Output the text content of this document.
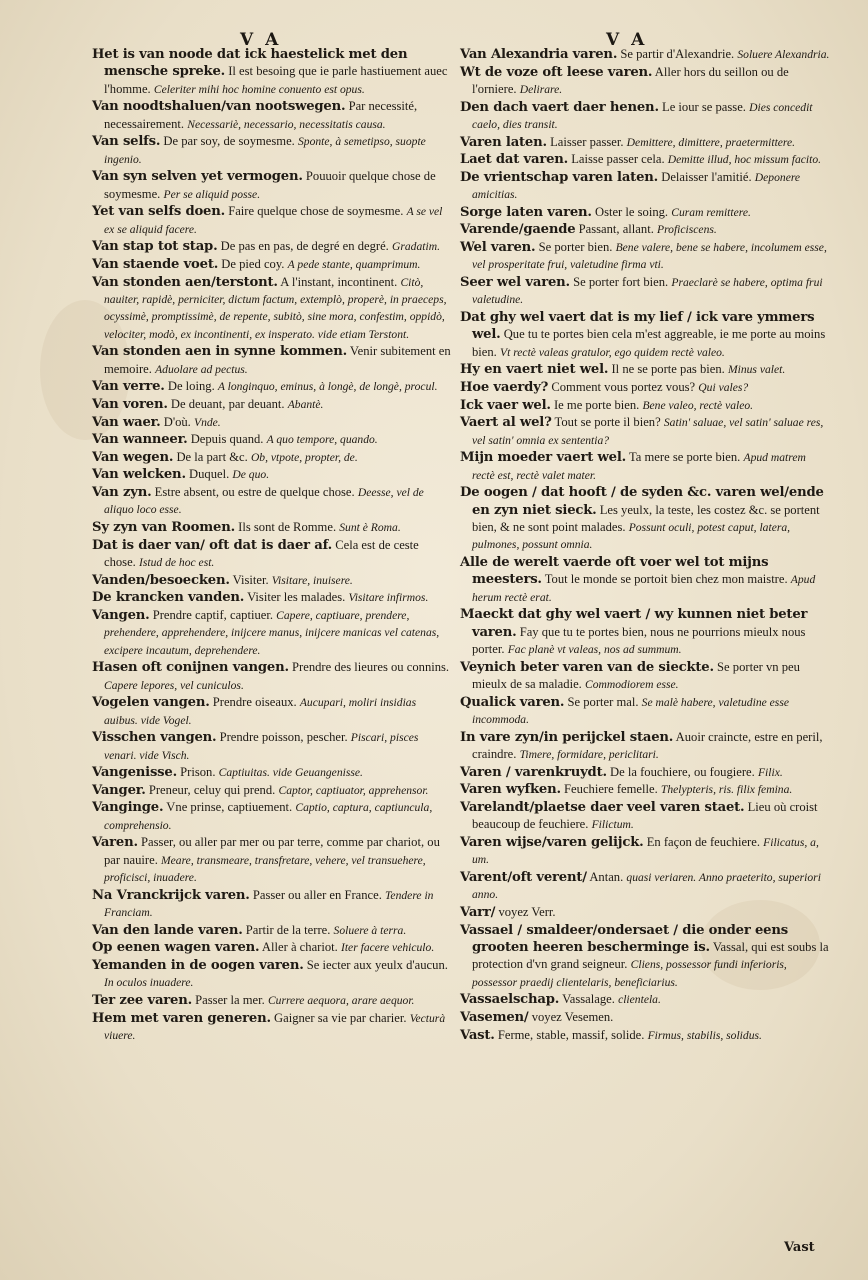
V A	V A
Het is van noode dat ick haestelick met den mensche spreke. Il est besoing que ie parle hastiuement auec l'homme. Celeriter mihi hoc homine conuento est opus.
Van noodtshaluen/van nootswegen. Par necessité, necessairement. Necessariè, necessario, necessitatis causa.
Van selfs. De par soy, de soymesme. Sponte, à semetipso, suopte ingenio.
Van syn selven yet vermogen. Pouuoir quelque chose de soymesme. Per se aliquid posse.
Yet van selfs doen. Faire quelque chose de soymesme. A se vel ex se aliquid facere.
Van stap tot stap. De pas en pas, de degré en degré. Gradatim.
Van staende voet. De pied coy. A pede stante, quamprimum.
Van stonden aen/terstont. A l'instant, incontinent. Citò, nauiter, rapidè, perniciter, dictum factum, extemplò, properè, in praeceps, ocyssimè, promptissimè, de repente, subitò, sine mora, confestim, oppidò, velociter, modò, ex incontinenti, ex insperato. vide etiam Terstont.
Van stonden aen in synne kommen. Venir subitement en memoire. Aduolare ad pectus.
Van verre. De loing. A longinquo, eminus, à longè, de longè, procul.
Van voren. De deuant, par deuant. Abantè.
Van waer. D'où. Vnde.
Van wanneer. Depuis quand. A quo tempore, quando.
Van wegen. De la part &c. Ob, vtpote, propter, de.
Van welcken. Duquel. De quo.
Van zyn. Estre absent, ou estre de quelque chose. Deesse, vel de aliquo loco esse.
Sy zyn van Roomen. Ils sont de Romme. Sunt è Roma.
Dat is daer van/ oft dat is daer af. Cela est de ceste chose. Istud de hoc est.
Vanden/besoecken. Visiter. Visitare, inuisere.
De krancken vanden. Visiter les malades. Visitare infirmos.
Vangen. Prendre captif, captiuer. Capere, captiuare, prendere, prehendere, apprehendere, inijcere manus, inijcere manicas vel catenas, excipere incautum, deprehendere.
Hasen oft conijnen vangen. Prendre des lieures ou connins. Capere lepores, vel cuniculos.
Vogelen vangen. Prendre oiseaux. Aucupari, moliri insidias auibus. vide Vogel.
Visschen vangen. Prendre poisson, pescher. Piscari, pisces venari. vide Visch.
Vangenisse. Prison. Captiuitas. vide Geuangenisse.
Vanger. Preneur, celuy qui prend. Captor, captiuator, apprehensor.
Vanginge. Vne prinse, captiuement. Captio, captura, captiuncula, comprehensio.
Varen. Passer, ou aller par mer ou par terre, comme par chariot, ou par nauire. Meare, transmeare, transfretare, vehere, vel transuehere, proficisci, inuadere.
Na Vranckrijck varen. Passer ou aller en France. Tendere in Franciam.
Van den lande varen. Partir de la terre. Soluere à terra.
Op eenen wagen varen. Aller à chariot. Iter facere vehiculo.
Yemanden in de oogen varen. Se iecter aux yeulx d'aucun. In oculos inuadere.
Ter zee varen. Passer la mer. Currere aequora, arare aequor.
Hem met varen generen. Gaigner sa vie par charier. Vecturà viuere.
Van Alexandria varen. Se partir d'Alexandrie. Soluere Alexandria.
Wt de voze oft leese varen. Aller hors du seillon ou de l'orniere. Delirare.
Den dach vaert daer henen. Le iour se passe. Dies concedit caelo, dies transit.
Varen laten. Laisser passer. Demittere, dimittere, praetermittere.
Laet dat varen. Laisse passer cela. Demitte illud, hoc missum facito.
De vrientschap varen laten. Delaisser l'amitié. Deponere amicitias.
Sorge laten varen. Oster le soing. Curam remittere.
Varende/gaende Passant, allant. Proficiscens.
Wel varen. Se porter bien. Bene valere, bene se habere, incolumem esse, vel prosperitate frui, valetudine firma vti.
Seer wel varen. Se porter fort bien. Praeclarè se habere, optima frui valetudine.
Dat ghy wel vaert dat is my lief / ick vare ymmers wel. Que tu te portes bien cela m'est aggreable, ie me porte au moins bien. Vt rectè valeas gratulor, ego quidem rectè valeo.
Hy en vaert niet wel. Il ne se porte pas bien. Minus valet.
Hoe vaerdy? Comment vous portez vous? Qui vales?
Ick vaer wel. Ie me porte bien. Bene valeo, rectè valeo.
Vaert al wel? Tout se porte il bien? Satin' saluae, vel satin' saluae res, vel satin' omnia ex sententia?
Mijn moeder vaert wel. Ta mere se porte bien. Apud matrem rectè est, rectè valet mater.
De oogen / dat hooft / de syden &c. varen wel/ende en zyn niet sieck. Les yeulx, la teste, les costez &c. se portent bien, & ne sont point malades. Possunt oculi, potest caput, latera, pulmones, possunt omnia.
Alle de werelt vaerde oft voer wel tot mijns meesters. Tout le monde se portoit bien chez mon maistre. Apud herum rectè erat.
Maeckt dat ghy wel vaert / wy kunnen niet beter varen. Fay que tu te portes bien, nous ne pourrions mieulx nous porter. Fac planè vt valeas, nos ad summum.
Veynich beter varen van de sieckte. Se porter vn peu mieulx de sa maladie. Commodiorem esse.
Qualick varen. Se porter mal. Se malè habere, valetudine esse incommoda.
In vare zyn/in perijckel staen. Auoir craincte, estre en peril, craindre. Timere, formidare, periclitari.
Varen / varenkruydt. De la fouchiere, ou fougiere. Filix.
Varen wyfken. Feuchiere femelle. Thelypteris, ris. filix femina.
Varelandt/plaetse daer veel varen staet. Lieu où croist beaucoup de feuchiere. Filictum.
Varen wijse/varen gelijck. En façon de feuchiere. Filicatus, a, um.
Varent/oft verent/ Antan. quasi veriaren. Anno praeterito, superiori anno.
Varr/ voyez Verr.
Vassael / smaldeer/ondersaet / die onder eens grooten heeren bescherminge is. Vassal, qui est soubs la protection d'vn grand seigneur. Cliens, possessor fundi inferioris, possessor praedij clientelaris, beneficiarius.
Vassaelschap. Vassalage. clientela.
Vasemen/ voyez Vesemen.
Vast. Ferme, stable, massif, solide. Firmus, stabilis, solidus.
Vast
